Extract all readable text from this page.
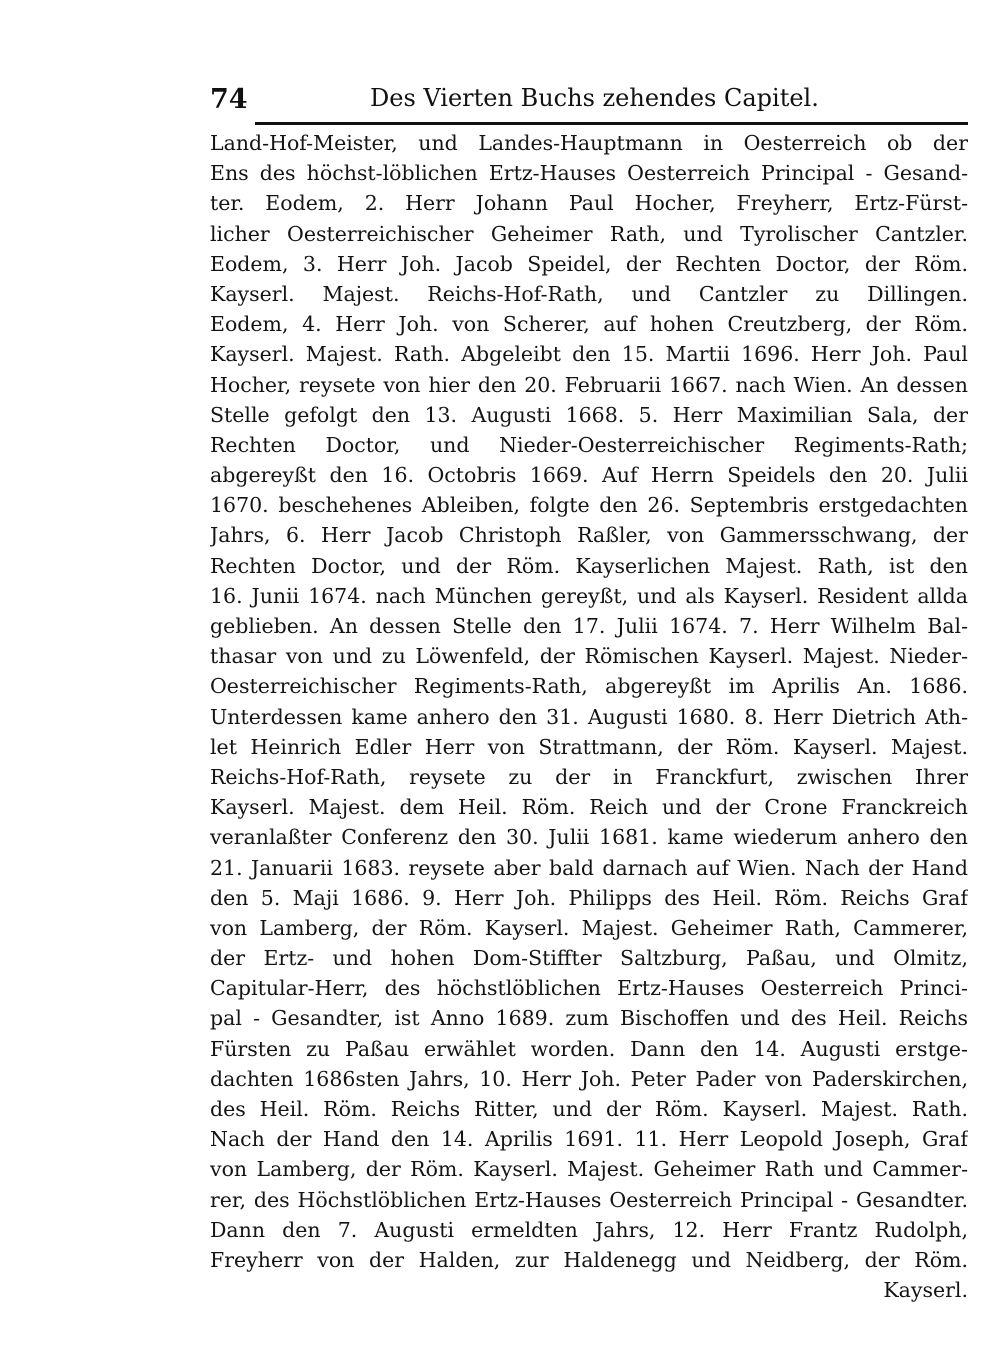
74	Des Vierten Buchs zehendes Capitel.
Land-Hof-Meister, und Landes-Hauptmann in Oesterreich ob der
Ens des höchst-löblichen Ertz-Hauses Oesterreich Principal - Gesand-
ter. Eodem, 2. Herr Johann Paul Hocher, Freyherr, Ertz-Fürst-
licher Oesterreichischer Geheimer Rath, und Tyrolischer Cantzler.
Eodem, 3. Herr Joh. Jacob Speidel, der Rechten Doctor, der Röm.
Kayserl. Majest. Reichs-Hof-Rath, und Cantzler zu Dillingen.
Eodem, 4. Herr Joh. von Scherer, auf hohen Creutzberg, der Röm.
Kayserl. Majest. Rath. Abgeleibt den 15. Martii 1696. Herr Joh. Paul
Hocher, reysete von hier den 20. Februarii 1667. nach Wien. An dessen
Stelle gefolgt den 13. Augusti 1668. 5. Herr Maximilian Sala, der
Rechten Doctor, und Nieder-Oesterreichischer Regiments-Rath;
abgereyßt den 16. Octobris 1669. Auf Herrn Speidels den 20. Julii
1670. beschehenes Ableiben, folgte den 26. Septembris erstgedachten
Jahrs, 6. Herr Jacob Christoph Raßler, von Gammersschwang, der
Rechten Doctor, und der Röm. Kayserlichen Majest. Rath, ist den
16. Junii 1674. nach München gereyßt, und als Kayserl. Resident allda
geblieben. An dessen Stelle den 17. Julii 1674. 7. Herr Wilhelm Bal-
thasar von und zu Löwenfeld, der Römischen Kayserl. Majest. Nieder-
Oesterreichischer Regiments-Rath, abgereyßt im Aprilis An. 1686.
Unterdessen kame anhero den 31. Augusti 1680. 8. Herr Dietrich Ath-
let Heinrich Edler Herr von Strattmann, der Röm. Kayserl. Majest.
Reichs-Hof-Rath, reysete zu der in Franckfurt, zwischen Ihrer
Kayserl. Majest. dem Heil. Röm. Reich und der Crone Franckreich
veranlaßter Conferenz den 30. Julii 1681. kame wiederum anhero den
21. Januarii 1683. reysete aber bald darnach auf Wien. Nach der Hand
den 5. Maji 1686. 9. Herr Joh. Philipps des Heil. Röm. Reichs Graf
von Lamberg, der Röm. Kayserl. Majest. Geheimer Rath, Cammerer,
der Ertz- und hohen Dom-Stiffter Saltzburg, Paßau, und Olmitz,
Capitular-Herr, des höchstlöblichen Ertz-Hauses Oesterreich Princi-
pal - Gesandter, ist Anno 1689. zum Bischoffen und des Heil. Reichs
Fürsten zu Paßau erwählet worden. Dann den 14. Augusti erstge-
dachten 1686sten Jahrs, 10. Herr Joh. Peter Pader von Paderskirchen,
des Heil. Röm. Reichs Ritter, und der Röm. Kayserl. Majest. Rath.
Nach der Hand den 14. Aprilis 1691. 11. Herr Leopold Joseph, Graf
von Lamberg, der Röm. Kayserl. Majest. Geheimer Rath und Cammer-
rer, des Höchstlöblichen Ertz-Hauses Oesterreich Principal - Gesandter.
Dann den 7. Augusti ermeldten Jahrs, 12. Herr Frantz Rudolph,
Freyherr von der Halden, zur Haldenegg und Neidberg, der Röm.
Kayserl.
